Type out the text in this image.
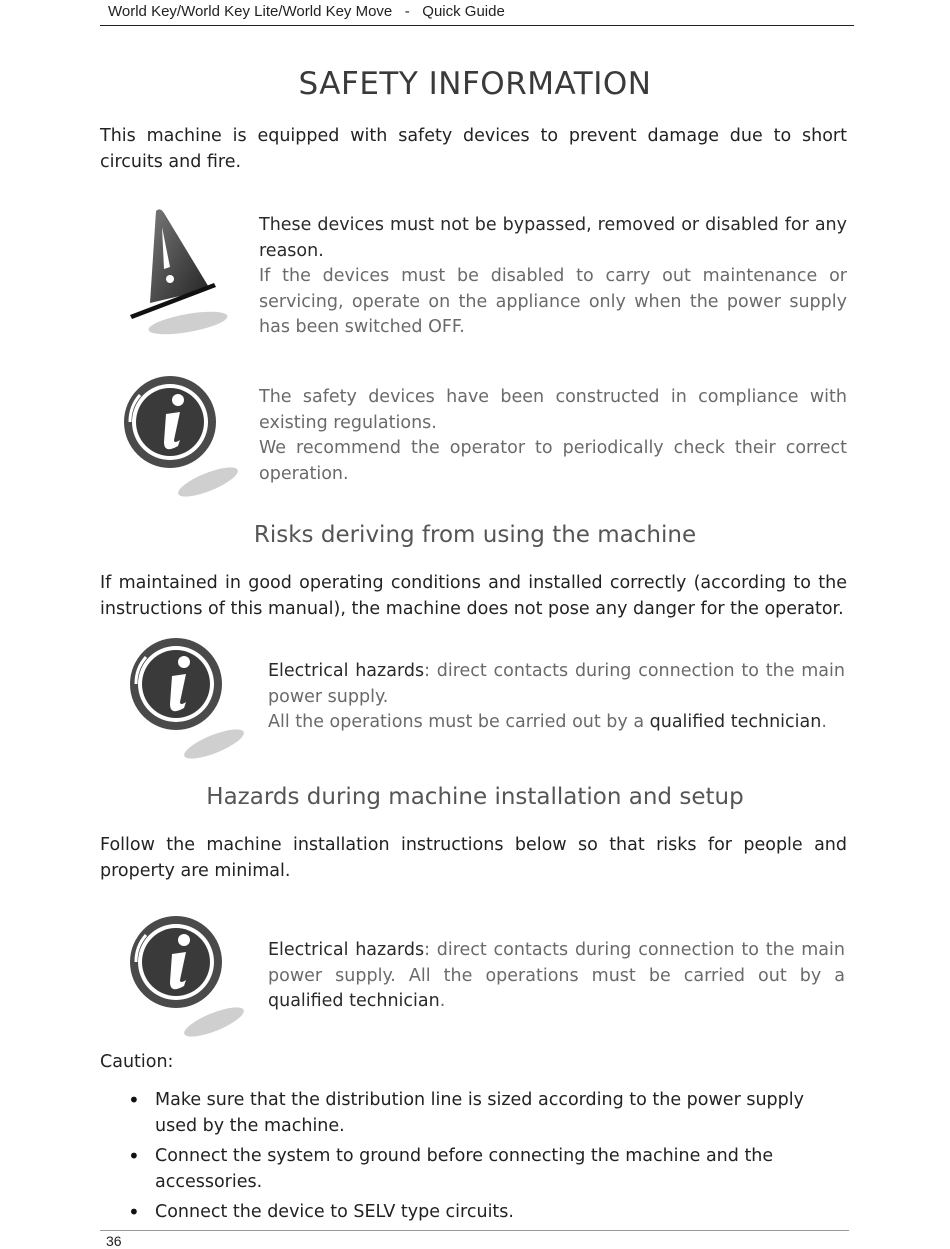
World Key/World Key Lite/World Key Move   -   Quick Guide
SAFETY INFORMATION

This machine is equipped with safety devices to prevent damage due to short circuits and fire.

These devices must not be bypassed, removed or disabled for any reason.
If the devices must be disabled to carry out maintenance or servicing, operate on the appliance only when the power supply has been switched OFF.
The safety devices have been constructed in compliance with existing regulations.
We recommend the operator to periodically check their correct operation.
Risks deriving from using the machine

If maintained in good operating conditions and installed correctly (according to the instructions of this manual), the machine does not pose any danger for the operator.

Electrical hazards: direct contacts during connection to the main power supply.
All the operations must be carried out by a qualified technician.
Hazards during machine installation and setup

Follow the machine installation instructions below so that risks for people and property are minimal.

Electrical hazards: direct contacts during connection to the main power supply. All the operations must be carried out by a qualified technician.

Caution:

• Make sure that the distribution line is sized according to the power supply used by the machine.
• Connect the system to ground before connecting the machine and the accessories.
• Connect the device to SELV type circuits.
36
